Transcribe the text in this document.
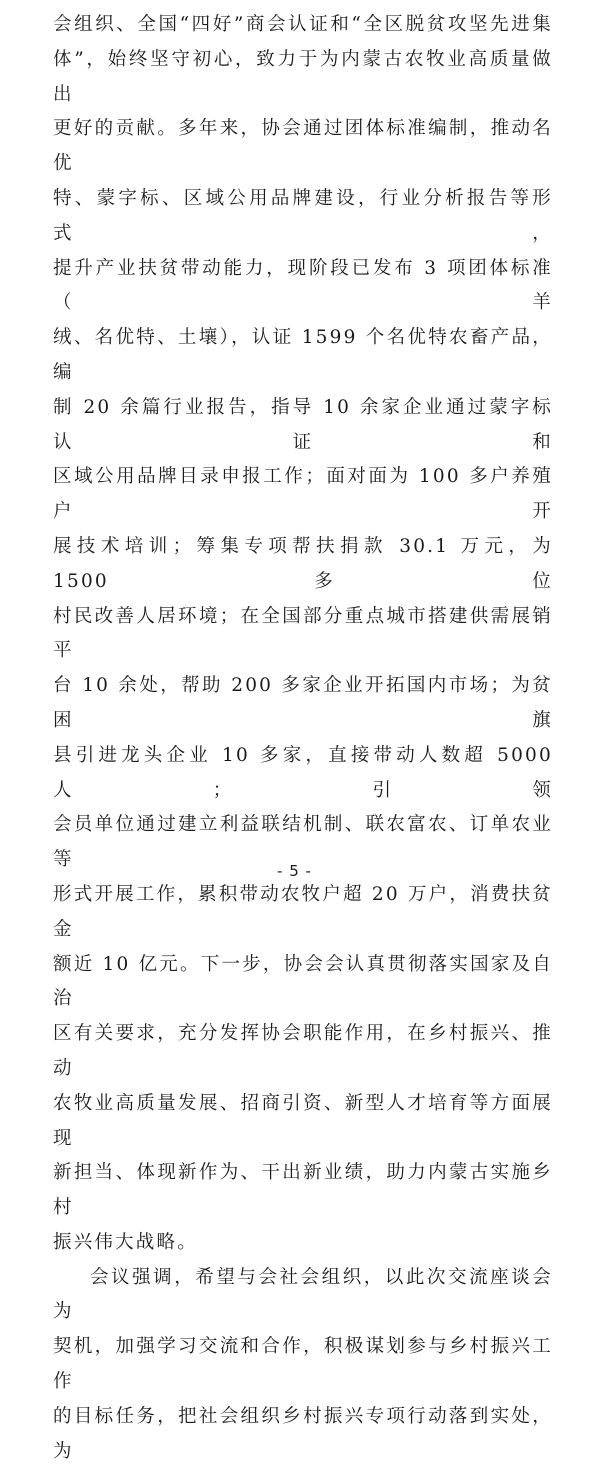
会组织、全国“四好”商会认证和“全区脱贫攻坚先进集

体”，始终坚守初心，致力于为内蒙古农牧业高质量做出

更好的贡献。多年来，协会通过团体标准编制，推动名优

特、蒙字标、区域公用品牌建设，行业分析报告等形式，

提升产业扶贫带动能力，现阶段已发布 3 项团体标准（羊

绒、名优特、土壤），认证 1599 个名优特农畜产品，编

制 20 余篇行业报告，指导 10 余家企业通过蒙字标认证和

区域公用品牌目录申报工作；面对面为 100 多户养殖户开

展技术培训；筹集专项帮扶捐款 30.1 万元，为 1500 多位

村民改善人居环境；在全国部分重点城市搭建供需展销平

台 10 余处，帮助 200 多家企业开拓国内市场；为贫困旗

县引进龙头企业 10 多家，直接带动人数超 5000 人；引领

会员单位通过建立利益联结机制、联农富农、订单农业等

形式开展工作，累积带动农牧户超 20 万户，消费扶贫金

额近 10 亿元。下一步，协会会认真贯彻落实国家及自治

区有关要求，充分发挥协会职能作用，在乡村振兴、推动

农牧业高质量发展、招商引资、新型人才培育等方面展现

新担当、体现新作为、干出新业绩，助力内蒙古实施乡村

振兴伟大战略。

会议强调，希望与会社会组织，以此次交流座谈会为

契机，加强学习交流和合作，积极谋划参与乡村振兴工作

的目标任务，把社会组织乡村振兴专项行动落到实处，为

- 5 -
